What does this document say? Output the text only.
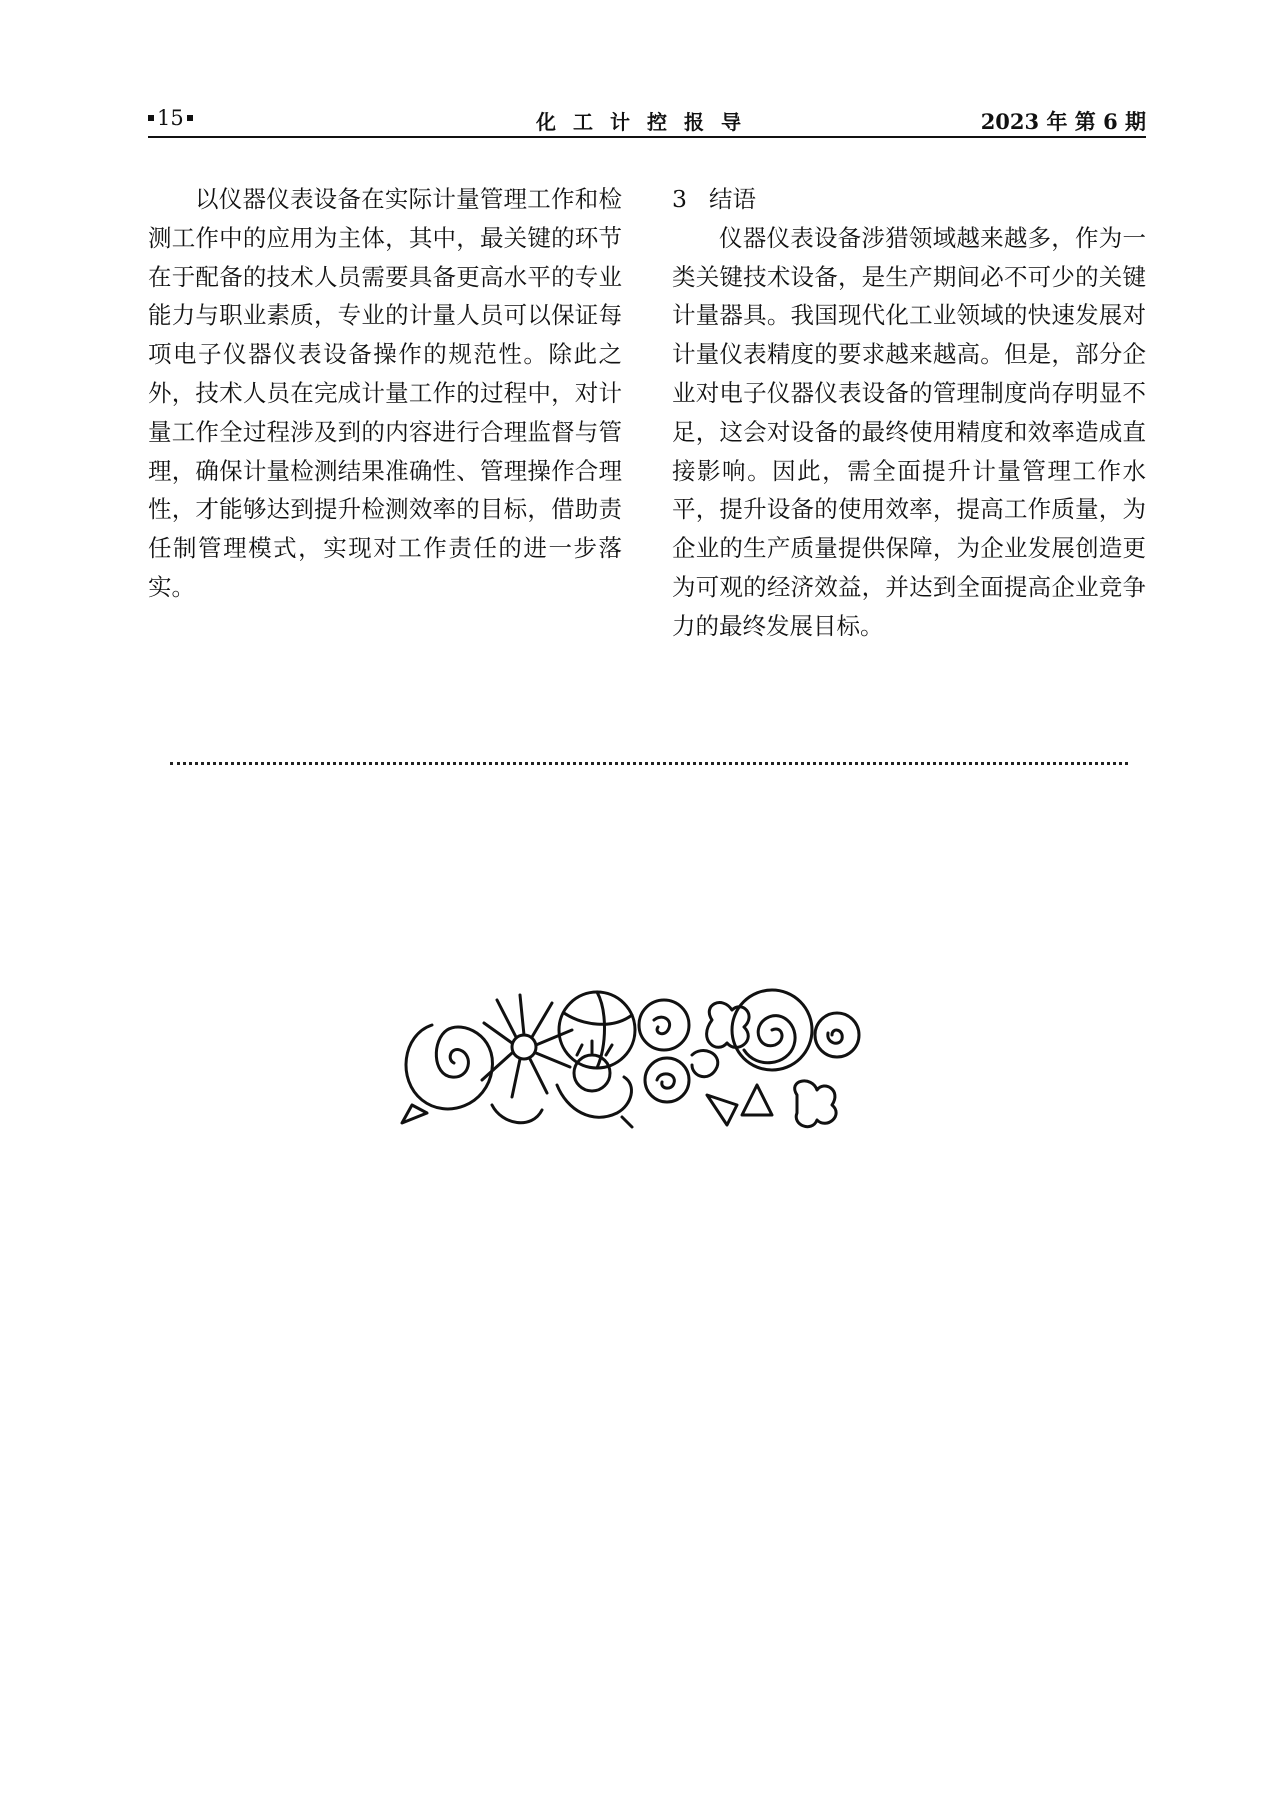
15	化工计控报导	2023 年 第 6 期

以仪器仪表设备在实际计量管理工作和检测工作中的应用为主体，其中，最关键的环节在于配备的技术人员需要具备更高水平的专业能力与职业素质，专业的计量人员可以保证每项电子仪器仪表设备操作的规范性。除此之外，技术人员在完成计量工作的过程中，对计量工作全过程涉及到的内容进行合理监督与管理，确保计量检测结果准确性、管理操作合理性，才能够达到提升检测效率的目标，借助责任制管理模式，实现对工作责任的进一步落实。

3 结语

仪器仪表设备涉猎领域越来越多，作为一类关键技术设备，是生产期间必不可少的关键计量器具。我国现代化工业领域的快速发展对计量仪表精度的要求越来越高。但是，部分企业对电子仪器仪表设备的管理制度尚存明显不足，这会对设备的最终使用精度和效率造成直接影响。因此，需全面提升计量管理工作水平，提升设备的使用效率，提高工作质量，为企业的生产质量提供保障，为企业发展创造更为可观的经济效益，并达到全面提高企业竞争力的最终发展目标。
